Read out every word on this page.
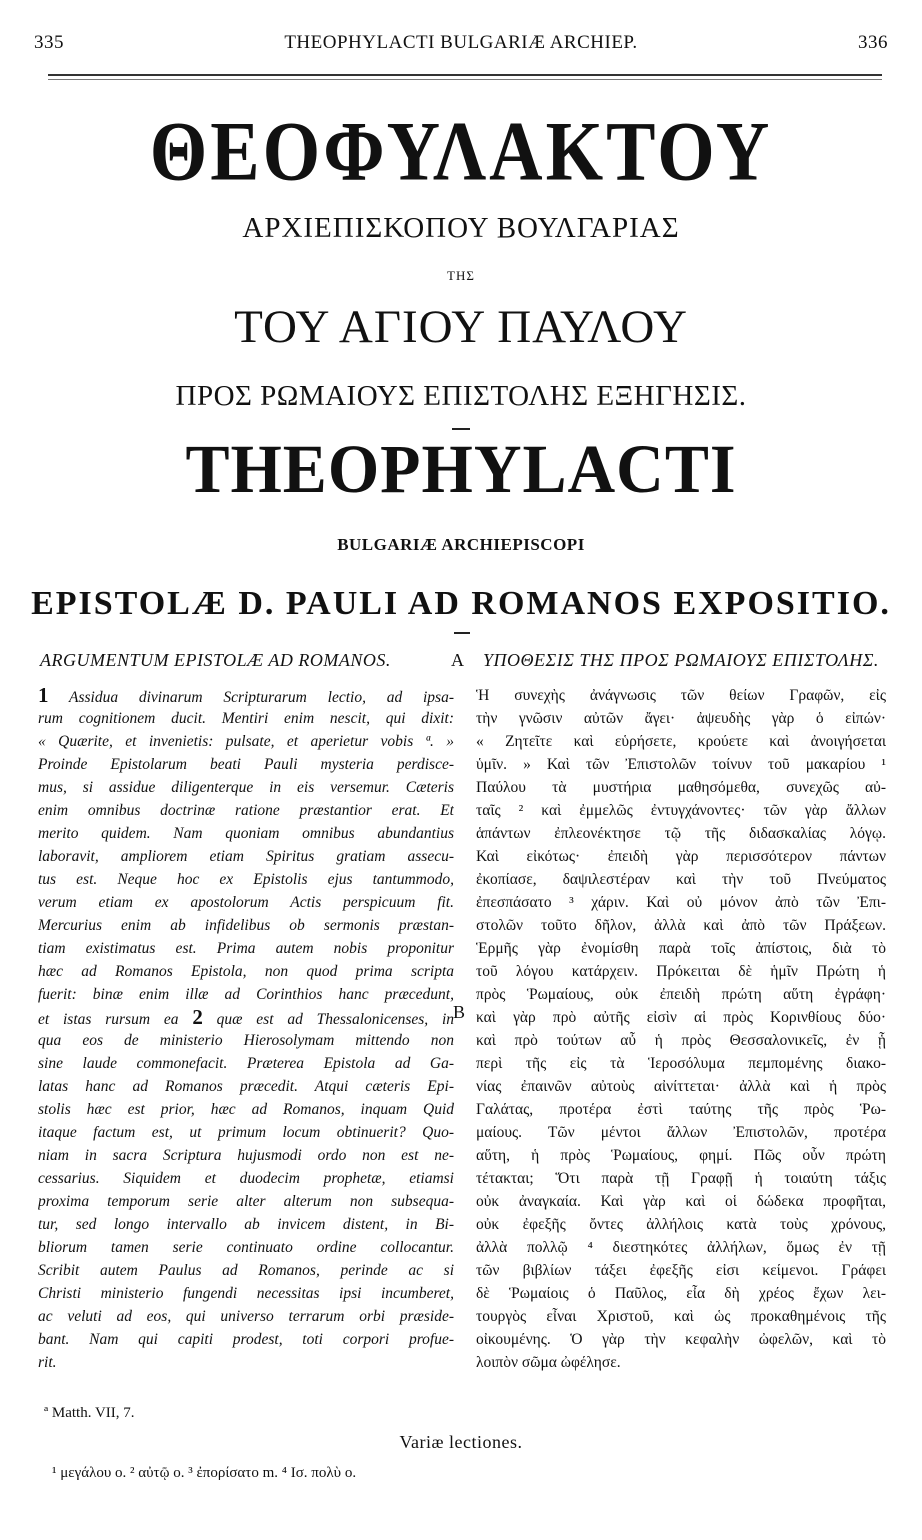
335	THEOPHYLACTI BULGARIÆ ARCHIEP.	336
ΘΕΟΦΥΛΑΚΤΟΥ
ΑΡΧΙΕΠΙΣΚΟΠΟΥ ΒΟΥΛΓΑΡΙΑΣ
ΤΗΣ
ΤΟΥ ΑΓΙΟΥ ΠΑΥΛΟΥ
ΠΡΟΣ ΡΩΜΑΙΟΥΣ ΕΠΙΣΤΟΛΗΣ ΕΞΗΓΗΣΙΣ.
THEOPHYLACTI
BULGARIÆ ARCHIEPISCOPI
EPISTOLÆ D. PAULI AD ROMANOS EXPOSITIO.
ARGUMENTUM EPISTOLÆ AD ROMANOS.	A ΥΠΟΘΕΣΙΣ ΤΗΣ ΠΡΟΣ ΡΩΜΑΙΟΥΣ ΕΠΙΣΤΟΛΗΣ.
B
1 Assidua divinarum Scripturarum lectio, ad ipsa-
rum cognitionem ducit. Mentiri enim nescit, qui dixit:
« Quærite, et invenietis: pulsate, et aperietur vobis ª. »
Proinde Epistolarum beati Pauli mysteria perdisce-
mus, si assidue diligenterque in eis versemur. Cæteris
enim omnibus doctrinæ ratione præstantior erat. Et
merito quidem. Nam quoniam omnibus abundantius
laboravit, ampliorem etiam Spiritus gratiam assecu-
tus est. Neque hoc ex Epistolis ejus tantummodo,
verum etiam ex apostolorum Actis perspicuum fit.
Mercurius enim ab infidelibus ob sermonis præstan-
tiam existimatus est. Prima autem nobis proponitur
hæc ad Romanos Epistola, non quod prima scripta
fuerit: binæ enim illæ ad Corinthios hanc præcedunt,
et istas rursum ea 2 quæ est ad Thessalonicenses, in
qua eos de ministerio Hierosolymam mittendo non
sine laude commonefacit. Præterea Epistola ad Ga-
latas hanc ad Romanos præcedit. Atqui cæteris Epi-
stolis hæc est prior, hæc ad Romanos, inquam Quid
itaque factum est, ut primum locum obtinuerit? Quo-
niam in sacra Scriptura hujusmodi ordo non est ne-
cessarius. Siquidem et duodecim prophetæ, etiamsi
proxima temporum serie alter alterum non subsequa-
tur, sed longo intervallo ab invicem distent, in Bi-
bliorum tamen serie continuato ordine collocantur.
Scribit autem Paulus ad Romanos, perinde ac si
Christi ministerio fungendi necessitas ipsi incumberet,
ac veluti ad eos, qui universo terrarum orbi præside-
bant. Nam qui capiti prodest, toti corpori profue-
rit.
Ἡ συνεχὴς ἀνάγνωσις τῶν θείων Γραφῶν, εἰς
τὴν γνῶσιν αὐτῶν ἄγει· ἀψευδὴς γὰρ ὁ εἰπών·
« Ζητεῖτε καὶ εὑρήσετε, κρούετε καὶ ἀνοιγήσεται
ὑμῖν. » Καὶ τῶν Ἐπιστολῶν τοίνυν τοῦ μακαρίου ¹
Παύλου τὰ μυστήρια μαθησόμεθα, συνεχῶς αὐ-
ταῖς ² καὶ ἐμμελῶς ἐντυγχάνοντες· τῶν γὰρ ἄλλων
ἁπάντων ἐπλεονέκτησε τῷ τῆς διδασκαλίας λόγῳ.
Καὶ εἰκότως· ἐπειδὴ γὰρ περισσότερον πάντων
ἐκοπίασε, δαψιλεστέραν καὶ τὴν τοῦ Πνεύματος
ἐπεσπάσατο ³ χάριν. Καὶ οὐ μόνον ἀπὸ τῶν Ἐπι-
στολῶν τοῦτο δῆλον, ἀλλὰ καὶ ἀπὸ τῶν Πράξεων.
Ἑρμῆς γὰρ ἐνομίσθη παρὰ τοῖς ἀπίστοις, διὰ τὸ
τοῦ λόγου κατάρχειν. Πρόκειται δὲ ἡμῖν Πρώτη ἡ
πρὸς Ῥωμαίους, οὐκ ἐπειδὴ πρώτη αὕτη ἐγράφη·
καὶ γὰρ πρὸ αὐτῆς εἰσὶν αἱ πρὸς Κορινθίους δύο·
καὶ πρὸ τούτων αὖ ἡ πρὸς Θεσσαλονικεῖς, ἐν ᾗ
περὶ τῆς εἰς τὰ Ἱεροσόλυμα πεμπομένης διακο-
νίας ἐπαινῶν αὐτοὺς αἰνίττεται· ἀλλὰ καὶ ἡ πρὸς
Γαλάτας, προτέρα ἐστὶ ταύτης τῆς πρὸς Ῥω-
μαίους. Τῶν μέντοι ἄλλων Ἐπιστολῶν, προτέρα
αὕτη, ἡ πρὸς Ῥωμαίους, φημί. Πῶς οὖν πρώτη
τέτακται; Ὅτι παρὰ τῇ Γραφῇ ἡ τοιαύτη τάξις
οὐκ ἀναγκαία. Καὶ γὰρ καὶ οἱ δώδεκα προφῆται,
οὐκ ἐφεξῆς ὄντες ἀλλήλοις κατὰ τοὺς χρόνους,
ἀλλὰ πολλῷ ⁴ διεστηκότες ἀλλήλων, ὅμως ἐν τῇ
τῶν βιβλίων τάξει ἐφεξῆς εἰσι κείμενοι. Γράφει
δὲ Ῥωμαίοις ὁ Παῦλος, εἶα δὴ χρέος ἔχων λει-
τουργὸς εἶναι Χριστοῦ, καὶ ὡς προκαθημένοις τῆς
οἰκουμένης. Ὁ γὰρ τὴν κεφαλὴν ὠφελῶν, καὶ τὸ
λοιπὸν σῶμα ὠφέλησε.
ª Matth. VII, 7.
Variæ lectiones.
¹ μεγάλου ο. ² αὐτῷ ο. ³ ἐπορίσατο m. ⁴ Ισ. πολὺ ο.
